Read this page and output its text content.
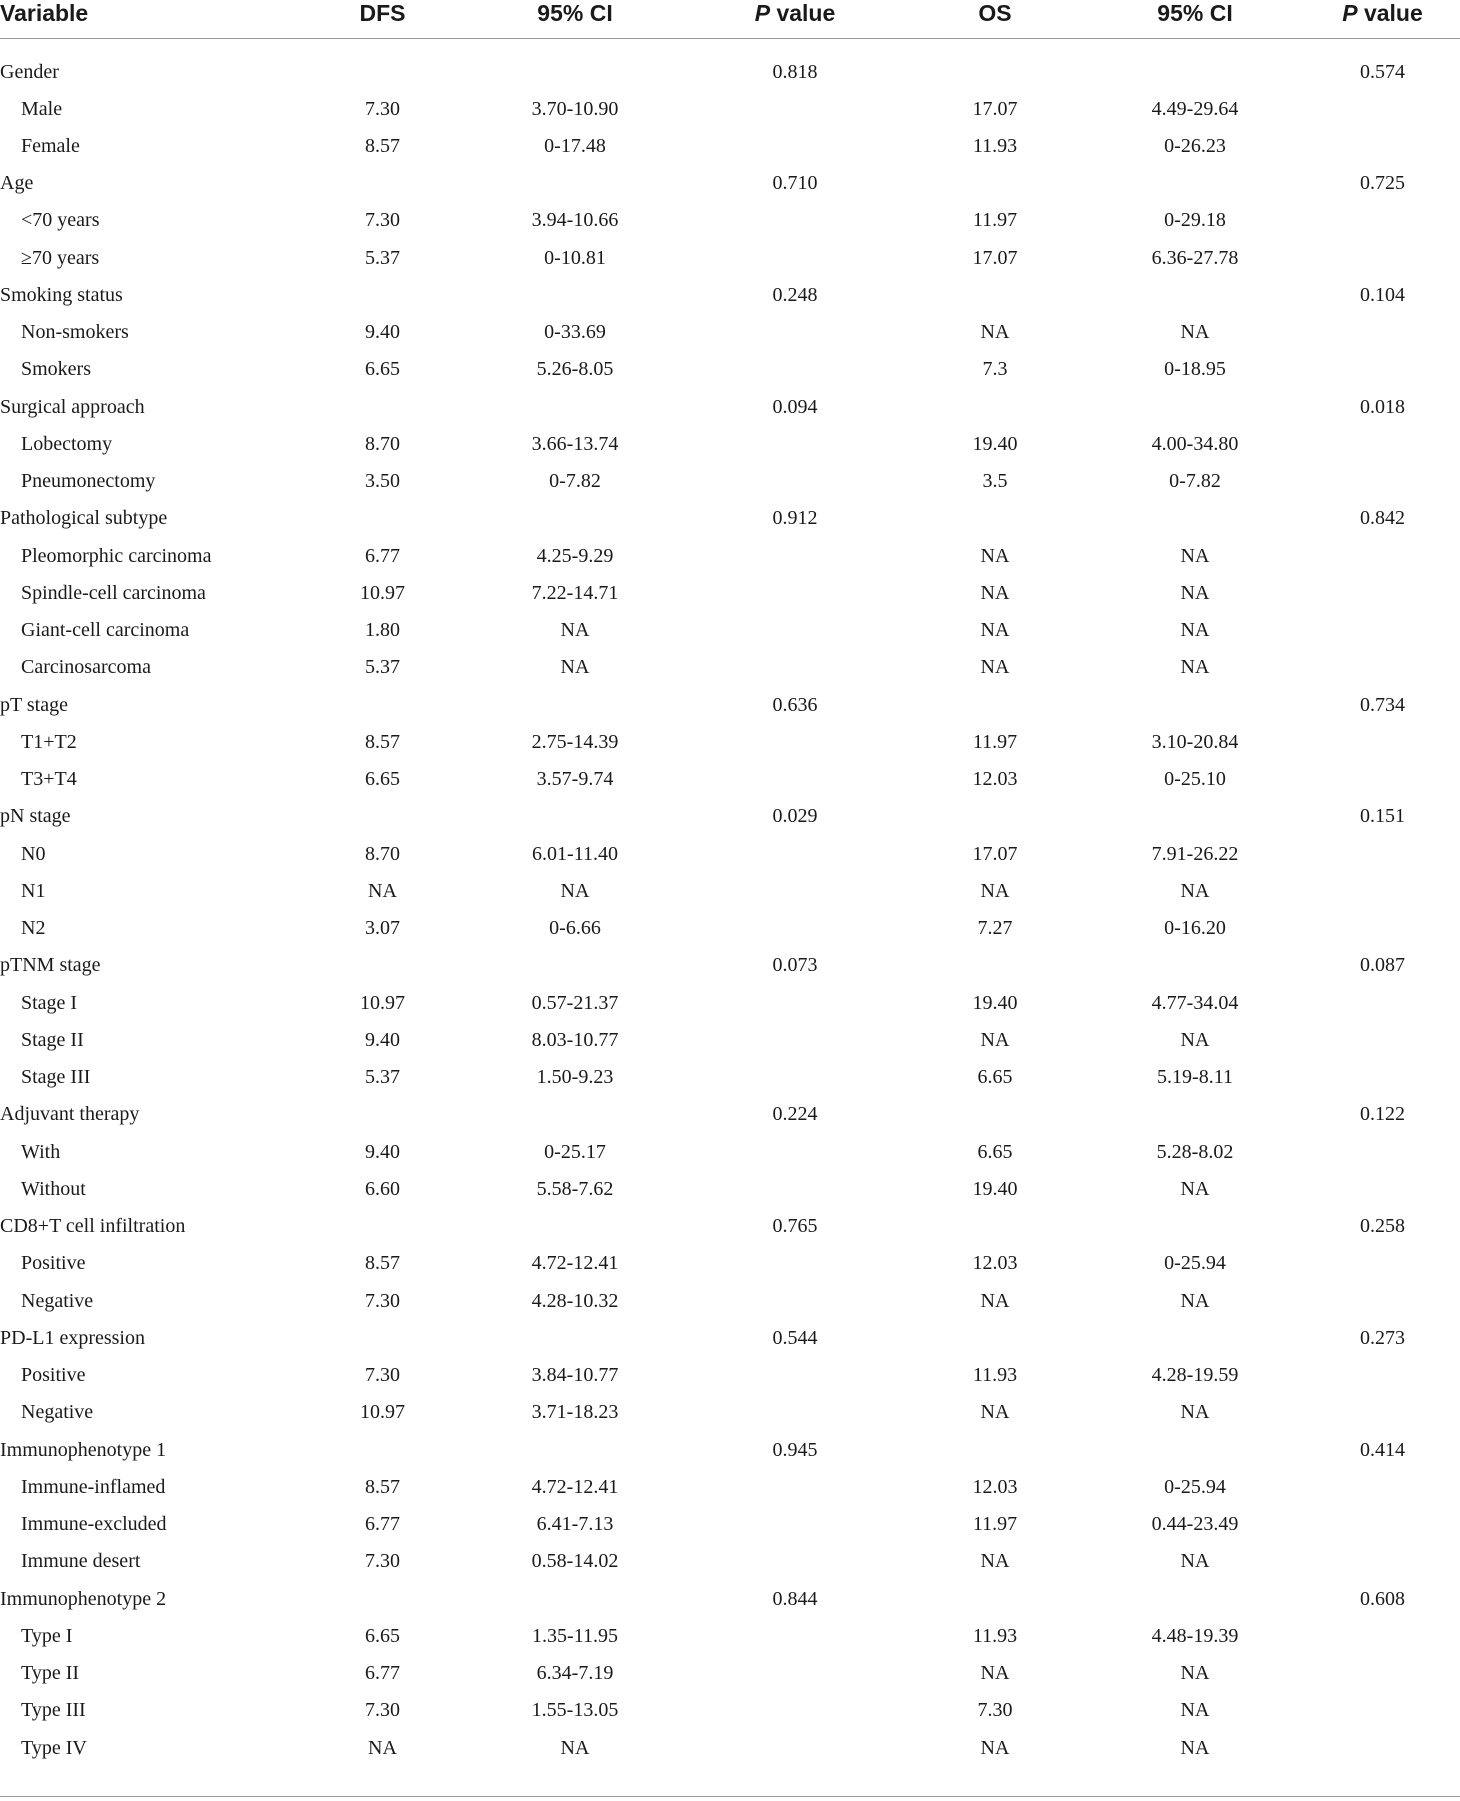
Variable	DFS	95% CI	P value	OS	95% CI	P value
Gender			0.818			0.574
Male	7.30	3.70-10.90		17.07	4.49-29.64	
Female	8.57	0-17.48		11.93	0-26.23	
Age			0.710			0.725
<70 years	7.30	3.94-10.66		11.97	0-29.18	
≥70 years	5.37	0-10.81		17.07	6.36-27.78	
Smoking status			0.248			0.104
Non-smokers	9.40	0-33.69		NA	NA	
Smokers	6.65	5.26-8.05		7.3	0-18.95	
Surgical approach			0.094			0.018
Lobectomy	8.70	3.66-13.74		19.40	4.00-34.80	
Pneumonectomy	3.50	0-7.82		3.5	0-7.82	
Pathological subtype			0.912			0.842
Pleomorphic carcinoma	6.77	4.25-9.29		NA	NA	
Spindle-cell carcinoma	10.97	7.22-14.71		NA	NA	
Giant-cell carcinoma	1.80	NA		NA	NA	
Carcinosarcoma	5.37	NA		NA	NA	
pT stage			0.636			0.734
T1+T2	8.57	2.75-14.39		11.97	3.10-20.84	
T3+T4	6.65	3.57-9.74		12.03	0-25.10	
pN stage			0.029			0.151
N0	8.70	6.01-11.40		17.07	7.91-26.22	
N1	NA	NA		NA	NA	
N2	3.07	0-6.66		7.27	0-16.20	
pTNM stage			0.073			0.087
Stage I	10.97	0.57-21.37		19.40	4.77-34.04	
Stage II	9.40	8.03-10.77		NA	NA	
Stage III	5.37	1.50-9.23		6.65	5.19-8.11	
Adjuvant therapy			0.224			0.122
With	9.40	0-25.17		6.65	5.28-8.02	
Without	6.60	5.58-7.62		19.40	NA	
CD8+T cell infiltration			0.765			0.258
Positive	8.57	4.72-12.41		12.03	0-25.94	
Negative	7.30	4.28-10.32		NA	NA	
PD-L1 expression			0.544			0.273
Positive	7.30	3.84-10.77		11.93	4.28-19.59	
Negative	10.97	3.71-18.23		NA	NA	
Immunophenotype 1			0.945			0.414
Immune-inflamed	8.57	4.72-12.41		12.03	0-25.94	
Immune-excluded	6.77	6.41-7.13		11.97	0.44-23.49	
Immune desert	7.30	0.58-14.02		NA	NA	
Immunophenotype 2			0.844			0.608
Type I	6.65	1.35-11.95		11.93	4.48-19.39	
Type II	6.77	6.34-7.19		NA	NA	
Type III	7.30	1.55-13.05		7.30	NA	
Type IV	NA	NA		NA	NA	
